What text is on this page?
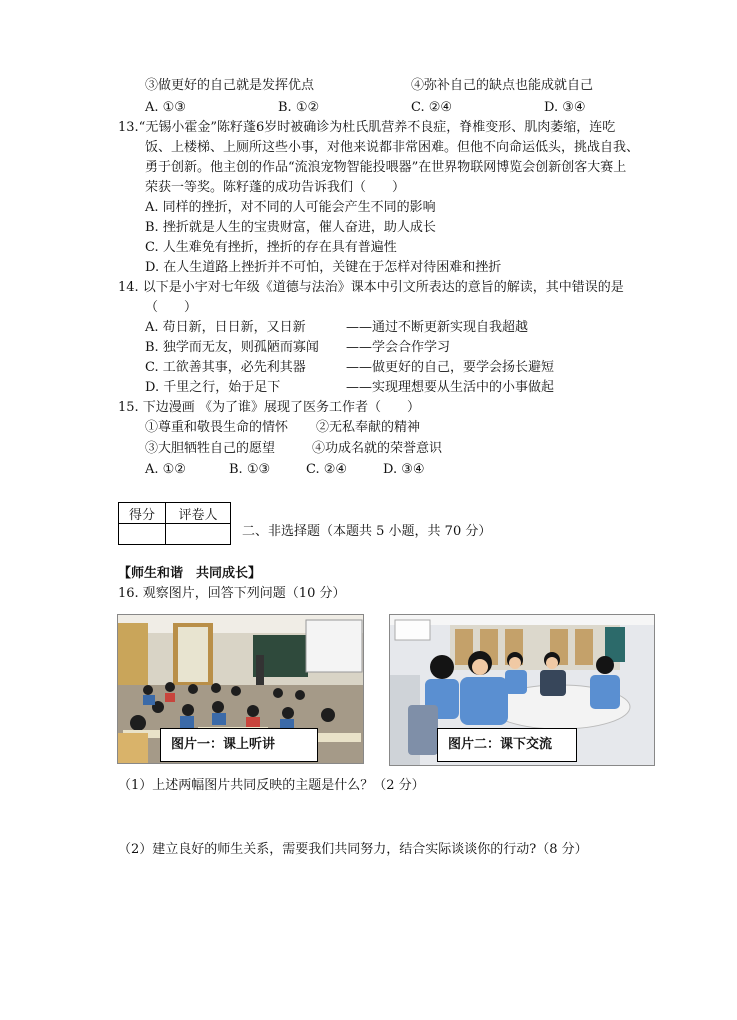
③做更好的自己就是发挥优点	④弥补自己的缺点也能成就自己
A. ①③	B. ①②	C. ②④	D. ③④
13.“无锡小霍金”陈籽蓬6岁时被确诊为杜氏肌营养不良症，脊椎变形、肌肉萎缩，连吃
饭、上楼梯、上厕所这些小事，对他来说都非常困难。但他不向命运低头，挑战自我、
勇于创新。他主创的作品“流浪宠物智能投喂器”在世界物联网博览会创新创客大赛上
荣获一等奖。陈籽蓬的成功告诉我们（　　）
A. 同样的挫折，对不同的人可能会产生不同的影响
B. 挫折就是人生的宝贵财富，催人奋进，助人成长
C. 人生难免有挫折，挫折的存在具有普遍性
D. 在人生道路上挫折并不可怕，关键在于怎样对待困难和挫折
14. 以下是小宇对七年级《道德与法治》课本中引文所表达的意旨的解读，其中错误的是
（　　）
A. 苟日新，日日新，又日新	——通过不断更新实现自我超越
B. 独学而无友，则孤陋而寡闻 ——学会合作学习
C. 工欲善其事，必先利其器	——做更好的自己，要学会扬长避短
D. 千里之行，始于足下	——实现理想要从生活中的小事做起
15. 下边漫画 《为了谁》展现了医务工作者（　　）
①尊重和敬畏生命的情怀 ②无私奉献的精神
③大胆牺牲自己的愿望	④功成名就的荣誉意识
A. ①②	B. ①③	C. ②④	D. ③④
得分	评卷人

二、非选择题（本题共 5 小题，共 70 分）
【师生和谐　共同成长】
16. 观察图片，回答下列问题（10 分）
图片一：课上听讲	图片二：课下交流
（1）上述两幅图片共同反映的主题是什么？（2 分）
（2）建立良好的师生关系，需要我们共同努力，结合实际谈谈你的行动?（8 分）
